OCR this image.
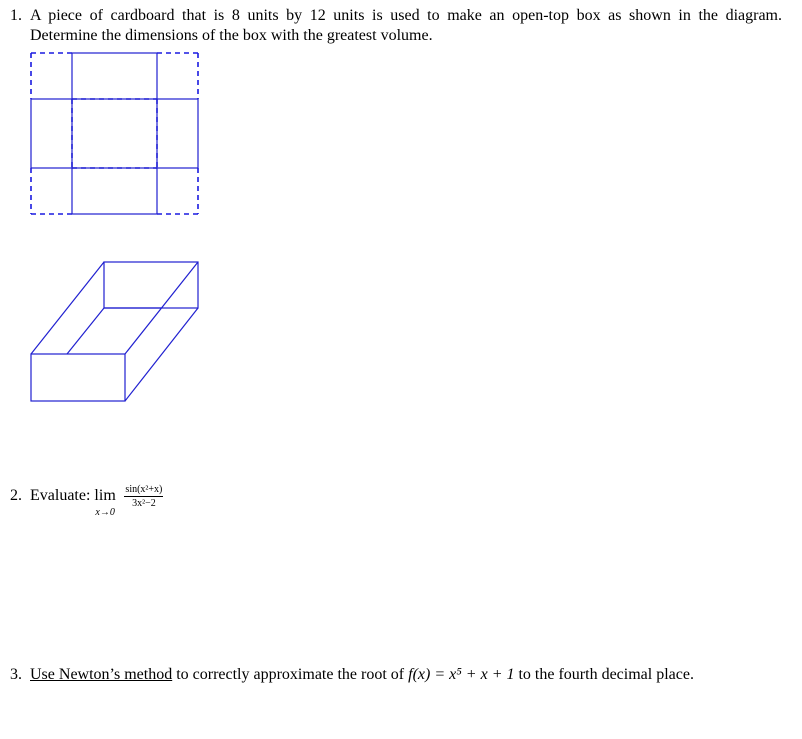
1. A piece of cardboard that is 8 units by 12 units is used to make an open-top box as shown in the diagram.
Determine the dimensions of the box with the greatest volume.
2. Evaluate: lim
x→0
$\frac{\text{sin(x²+x)}}{\text{3x²−2}}$
3. Use Newton’s method to correctly approximate the root of f(x) = x⁵ + x + 1 to the fourth decimal place.
